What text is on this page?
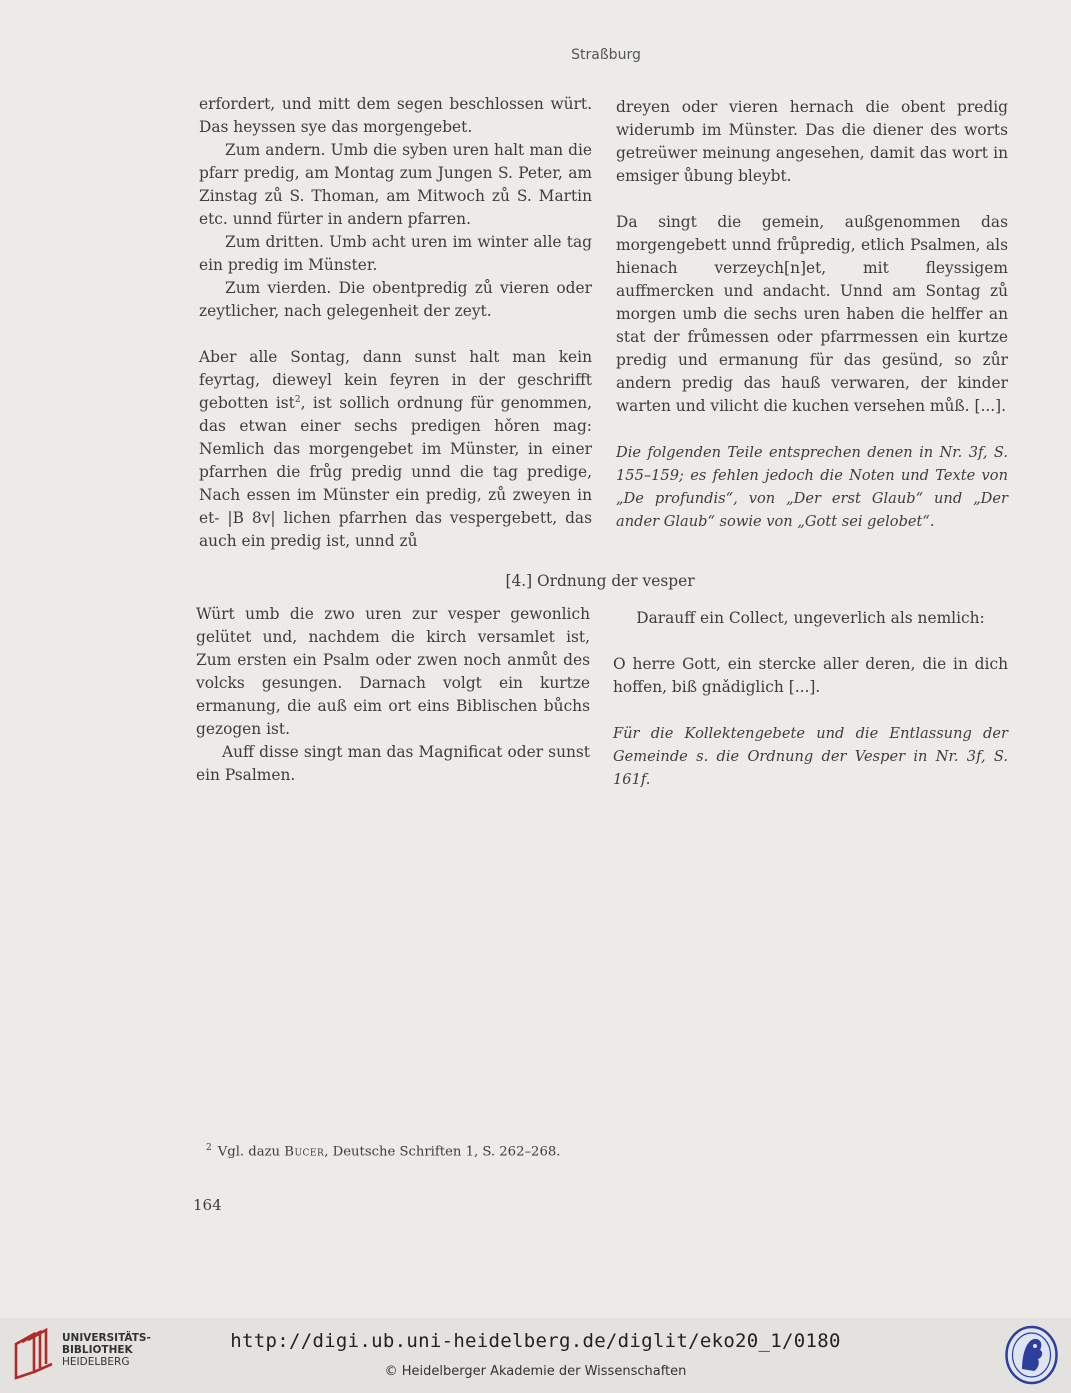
Straßburg

erfordert, und mitt dem segen beschlossen würt. Das heyssen sye das morgengebet.

Zum andern. Umb die syben uren halt man die pfarr predig, am Montag zum Jungen S. Peter, am Zinstag zů S. Thoman, am Mitwoch zů S. Martin etc. unnd fürter in andern pfarren.

Zum dritten. Umb acht uren im winter alle tag ein predig im Münster.

Zum vierden. Die obentpredig zů vieren oder zeytlicher, nach gelegenheit der zeyt.

Aber alle Sontag, dann sunst halt man kein feyrtag, dieweyl kein feyren in der geschrifft gebotten ist$^2$, ist sollich ordnung für genommen, das etwan einer sechs predigen hǒren mag: Nemlich das morgengebet im Münster, in einer pfarrhen die frůg predig unnd die tag predige, Nach essen im Münster ein predig, zů zweyen in et- |B 8v| lichen pfarrhen das vespergebett, das auch ein predig ist, unnd zů

dreyen oder vieren hernach die obent predig widerumb im Münster. Das die diener des worts getreüwer meinung angesehen, damit das wort in emsiger ůbung bleybt.

Da singt die gemein, außgenommen das morgengebett unnd frůpredig, etlich Psalmen, als hienach verzeych[n]et, mit fleyssigem auffmercken und andacht. Unnd am Sontag zů morgen umb die sechs uren haben die helffer an stat der frůmessen oder pfarrmessen ein kurtze predig und ermanung für das gesünd, so zůr andern predig das hauß verwaren, der kinder warten und vilicht die kuchen versehen můß. [...].

Die folgenden Teile entsprechen denen in Nr. 3f, S. 155–159; es fehlen jedoch die Noten und Texte von „De profundis“, von „Der erst Glaub“ und „Der ander Glaub“ sowie von „Gott sei gelobet“.

[4.] Ordnung der vesper

Würt umb die zwo uren zur vesper gewonlich gelütet und, nachdem die kirch versamlet ist, Zum ersten ein Psalm oder zwen noch anmůt des volcks gesungen. Darnach volgt ein kurtze ermanung, die auß eim ort eins Biblischen bůchs gezogen ist.

Auff disse singt man das Magnificat oder sunst ein Psalmen.

Darauff ein Collect, ungeverlich als nemlich:

O herre Gott, ein stercke aller deren, die in dich hoffen, biß gnǎdiglich [...].

Für die Kollektengebete und die Entlassung der Gemeinde s. die Ordnung der Vesper in Nr. 3f, S. 161f.

$^2$ Vgl. dazu Bucer, Deutsche Schriften 1, S. 262–268.
164
UNIVERSITÄTS-
BIBLIOTHEK
HEIDELBERG
http://digi.ub.uni-heidelberg.de/diglit/eko20_1/0180
© Heidelberger Akademie der Wissenschaften
